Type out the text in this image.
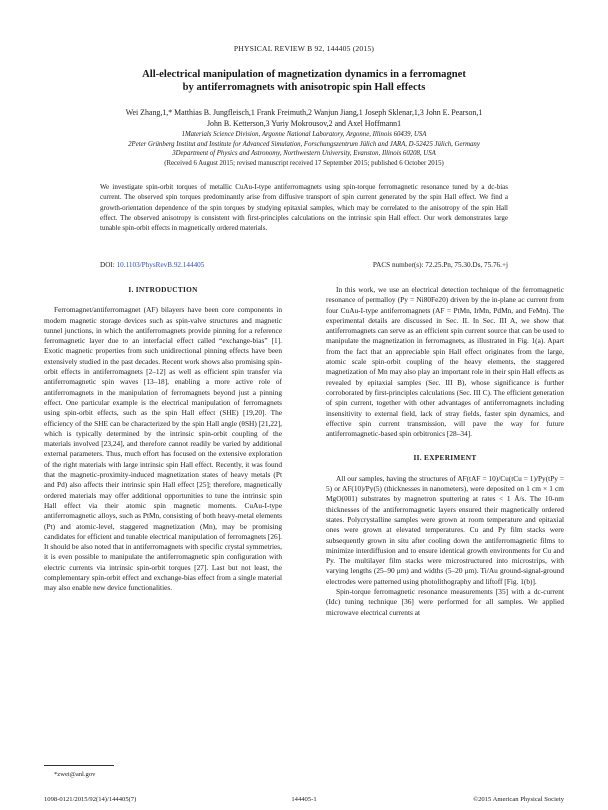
PHYSICAL REVIEW B 92, 144405 (2015)
All-electrical manipulation of magnetization dynamics in a ferromagnet
by antiferromagnets with anisotropic spin Hall effects
Wei Zhang,1,* Matthias B. Jungfleisch,1 Frank Freimuth,2 Wanjun Jiang,1 Joseph Sklenar,1,3 John E. Pearson,1
John B. Ketterson,3 Yuriy Mokrousov,2 and Axel Hoffmann1
1Materials Science Division, Argonne National Laboratory, Argonne, Illinois 60439, USA
2Peter Grünberg Institut and Institute for Advanced Simulation, Forschungszentrum Jülich and JARA, D-52425 Jülich, Germany
3Department of Physics and Astronomy, Northwestern University, Evanston, Illinois 60208, USA
(Received 6 August 2015; revised manuscript received 17 September 2015; published 6 October 2015)
We investigate spin-orbit torques of metallic CuAu-I-type antiferromagnets using spin-torque ferromagnetic resonance tuned by a dc-bias current. The observed spin torques predominantly arise from diffusive transport of spin current generated by the spin Hall effect. We find a growth-orientation dependence of the spin torques by studying epitaxial samples, which may be correlated to the anisotropy of the spin Hall effect. The observed anisotropy is consistent with first-principles calculations on the intrinsic spin Hall effect. Our work demonstrates large tunable spin-orbit effects in magnetically ordered materials.
DOI: 10.1103/PhysRevB.92.144405	PACS number(s): 72.25.Pn, 75.30.Ds, 75.76.+j
I. INTRODUCTION

Ferromagnet/antiferromagnet (AF) bilayers have been core components in modern magnetic storage devices such as spin-valve structures and magnetic tunnel junctions, in which the antiferromagnets provide pinning for a reference ferromagnetic layer due to an interfacial effect called “exchange-bias” [1]. Exotic magnetic properties from such unidirectional pinning effects have been extensively studied in the past decades. Recent work shows also promising spin-orbit effects in antiferromagnets [2–12] as well as efficient spin transfer via antiferromagnetic spin waves [13–18], enabling a more active role of antiferromagnets in the manipulation of ferromagnets beyond just a pinning effect. One particular example is the electrical manipulation of ferromagnets using spin-orbit effects, such as the spin Hall effect (SHE) [19,20]. The efficiency of the SHE can be characterized by the spin Hall angle (θSH) [21,22], which is typically determined by the intrinsic spin-orbit coupling of the materials involved [23,24], and therefore cannot readily be varied by additional external parameters. Thus, much effort has focused on the extensive exploration of the right materials with large intrinsic spin Hall effect. Recently, it was found that the magnetic-proximity-induced magnetization states of heavy metals (Pt and Pd) also affects their intrinsic spin Hall effect [25]; therefore, magnetically ordered materials may offer additional opportunities to tune the intrinsic spin Hall effect via their atomic spin magnetic moments. CuAu-I-type antiferromagnetic alloys, such as PtMn, consisting of both heavy-metal elements (Pt) and atomic-level, staggered magnetization (Mn), may be promising candidates for efficient and tunable electrical manipulation of ferromagnets [26]. It should be also noted that in antiferromagnets with specific crystal symmetries, it is even possible to manipulate the antiferromagnetic spin configuration with electric currents via intrinsic spin-orbit torques [27]. Last but not least, the complementary spin-orbit effect and exchange-bias effect from a single material may also enable new device functionalities.

In this work, we use an electrical detection technique of the ferromagnetic resonance of permalloy (Py = Ni80Fe20) driven by the in-plane ac current from four CuAu-I-type antiferromagnets (AF = PtMn, IrMn, PdMn, and FeMn). The experimental details are discussed in Sec. II. In Sec. III A, we show that antiferromagnets can serve as an efficient spin current source that can be used to manipulate the magnetization in ferromagnets, as illustrated in Fig. 1(a). Apart from the fact that an appreciable spin Hall effect originates from the large, atomic scale spin-orbit coupling of the heavy elements, the staggered magnetization of Mn may also play an important role in their spin Hall effects as revealed by epitaxial samples (Sec. III B), whose significance is further corroborated by first-principles calculations (Sec. III C). The efficient generation of spin current, together with other advantages of antiferromagnets including insensitivity to external field, lack of stray fields, faster spin dynamics, and effective spin current transmission, will pave the way for future antiferromagnetic-based spin orbitronics [28–34].

II. EXPERIMENT

All our samples, having the structures of AF(tAF = 10)/Cu(tCu = 1)/Py(tPy = 5) or AF(10)/Py(5) (thicknesses in nanometers), were deposited on 1 cm × 1 cm MgO(001) substrates by magnetron sputtering at rates < 1 Å/s. The 10-nm thicknesses of the antiferromagnetic layers ensured their magnetically ordered states. Polycrystalline samples were grown at room temperature and epitaxial ones were grown at elevated temperatures. Cu and Py film stacks were subsequently grown in situ after cooling down the antiferromagnetic films to minimize interdiffusion and to ensure identical growth environments for Cu and Py. The multilayer film stacks were microstructured into microstrips, with varying lengths (25–90 μm) and widths (5–20 μm). Ti/Au ground-signal-ground electrodes were patterned using photolithography and liftoff [Fig. 1(b)].

Spin-torque ferromagnetic resonance measurements [35] with a dc-current (Idc) tuning technique [36] were performed for all samples. We applied microwave electrical currents at

*zwei@anl.gov
1098-0121/2015/92(14)/144405(7)	144405-1	©2015 American Physical Society
